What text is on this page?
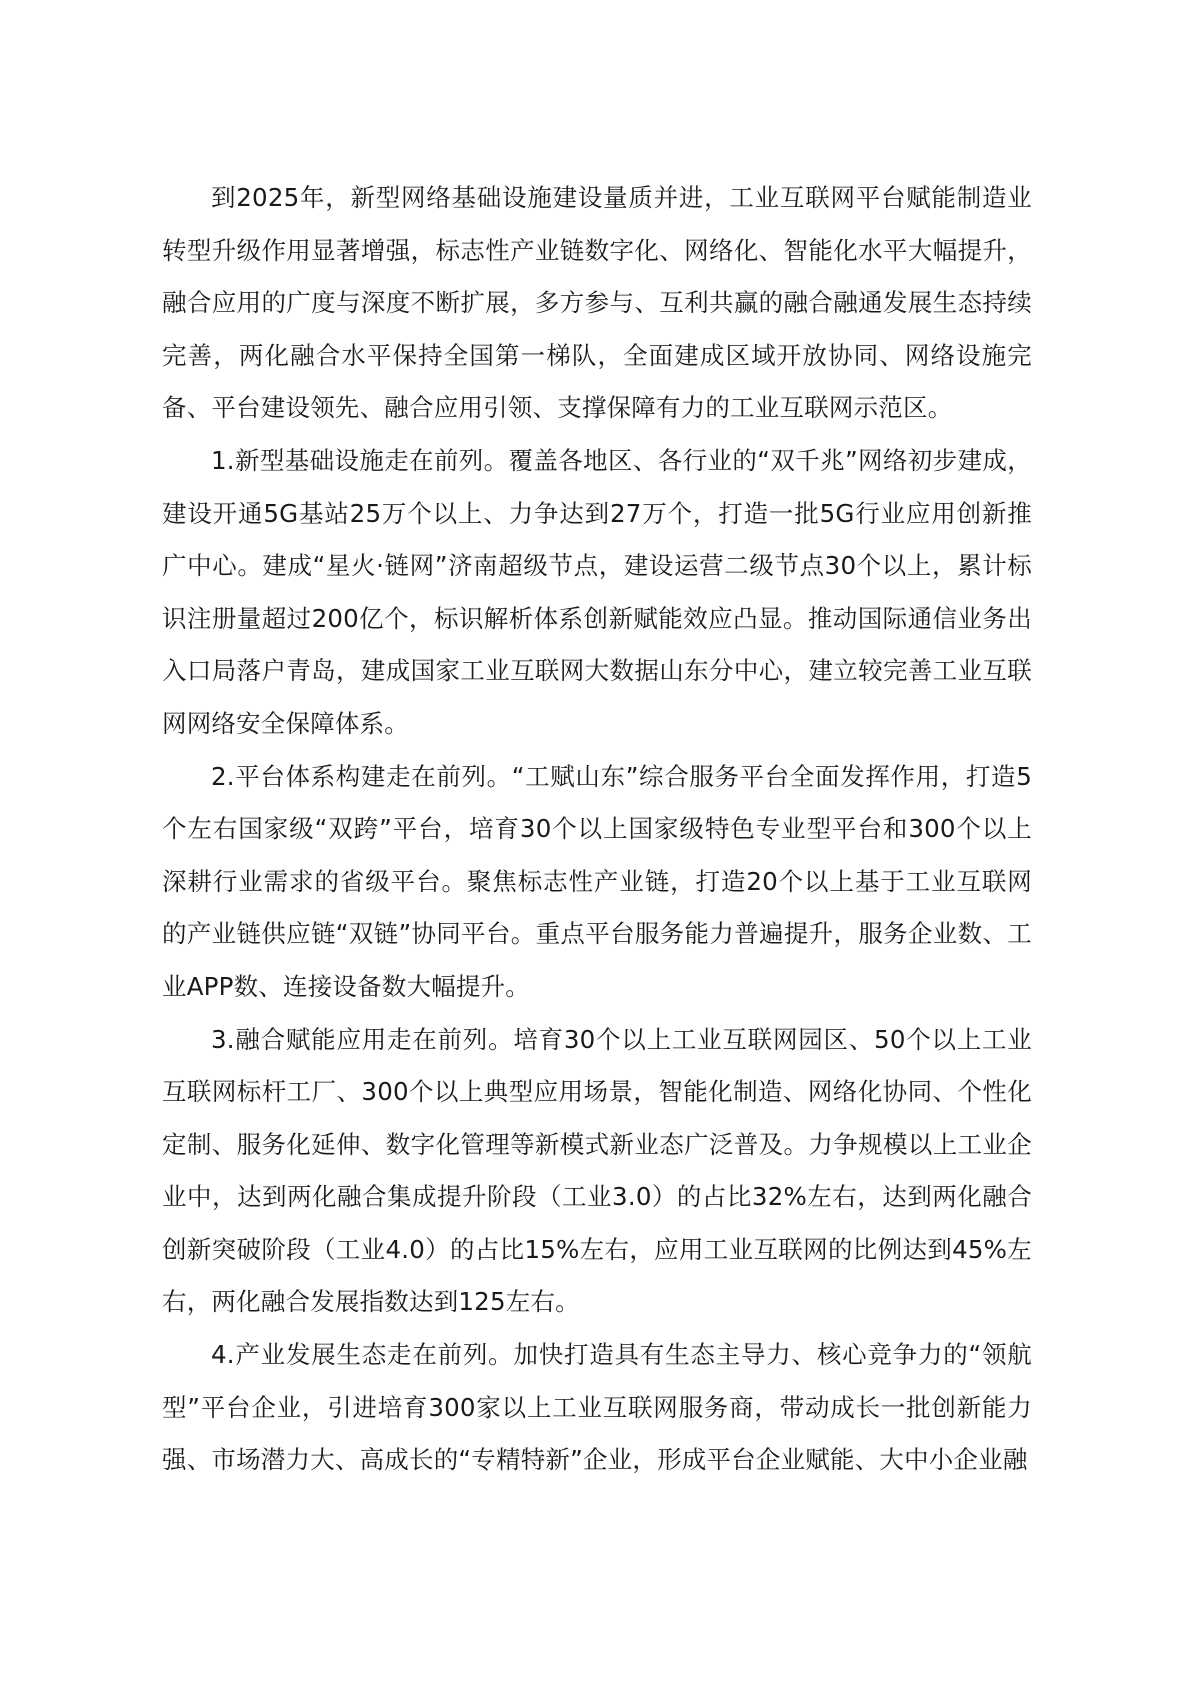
到2025年，新型网络基础设施建设量质并进，工业互联网平台赋能制造业转型升级作用显著增强，标志性产业链数字化、网络化、智能化水平大幅提升，融合应用的广度与深度不断扩展，多方参与、互利共赢的融合融通发展生态持续完善，两化融合水平保持全国第一梯队，全面建成区域开放协同、网络设施完备、平台建设领先、融合应用引领、支撑保障有力的工业互联网示范区。

1.新型基础设施走在前列。覆盖各地区、各行业的“双千兆”网络初步建成，建设开通5G基站25万个以上、力争达到27万个，打造一批5G行业应用创新推广中心。建成“星火·链网”济南超级节点，建设运营二级节点30个以上，累计标识注册量超过200亿个，标识解析体系创新赋能效应凸显。推动国际通信业务出入口局落户青岛，建成国家工业互联网大数据山东分中心，建立较完善工业互联网网络安全保障体系。

2.平台体系构建走在前列。“工赋山东”综合服务平台全面发挥作用，打造5个左右国家级“双跨”平台，培育30个以上国家级特色专业型平台和300个以上深耕行业需求的省级平台。聚焦标志性产业链，打造20个以上基于工业互联网的产业链供应链“双链”协同平台。重点平台服务能力普遍提升，服务企业数、工业APP数、连接设备数大幅提升。

3.融合赋能应用走在前列。培育30个以上工业互联网园区、50个以上工业互联网标杆工厂、300个以上典型应用场景，智能化制造、网络化协同、个性化定制、服务化延伸、数字化管理等新模式新业态广泛普及。力争规模以上工业企业中，达到两化融合集成提升阶段（工业3.0）的占比32%左右，达到两化融合创新突破阶段（工业4.0）的占比15%左右，应用工业互联网的比例达到45%左右，两化融合发展指数达到125左右。

4.产业发展生态走在前列。加快打造具有生态主导力、核心竞争力的“领航型”平台企业，引进培育300家以上工业互联网服务商，带动成长一批创新能力强、市场潜力大、高成长的“专精特新”企业，形成平台企业赋能、大中小企业融
